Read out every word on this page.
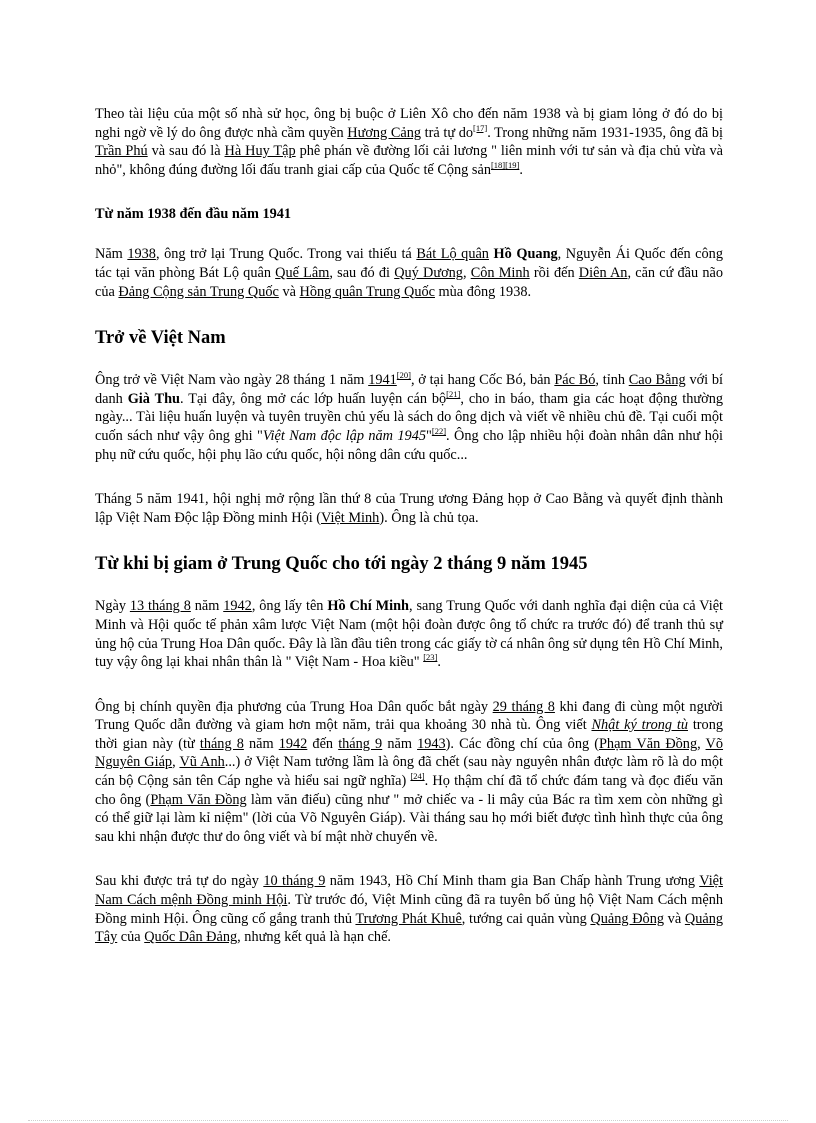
Theo tài liệu của một số nhà sử học, ông bị buộc ở Liên Xô cho đến năm 1938 và bị giam lỏng ở đó do bị nghi ngờ về lý do ông được nhà cầm quyền Hương Cảng trả tự do[17]. Trong những năm 1931-1935, ông đã bị Trần Phú và sau đó là Hà Huy Tập phê phán về đường lối cải lương " liên minh với tư sản và địa chủ vừa và nhỏ", không đúng đường lối đấu tranh giai cấp của Quốc tế Cộng sản[18][19].

Từ năm 1938 đến đầu năm 1941

Năm 1938, ông trở lại Trung Quốc. Trong vai thiếu tá Bát Lộ quân Hồ Quang, Nguyễn Ái Quốc đến công tác tại văn phòng Bát Lộ quân Quế Lâm, sau đó đi Quý Dương, Côn Minh rồi đến Diên An, căn cứ đầu não của Đảng Cộng sản Trung Quốc và Hồng quân Trung Quốc mùa đông 1938.

Trở về Việt Nam

Ông trở về Việt Nam vào ngày 28 tháng 1 năm 1941[20], ở tại hang Cốc Bó, bản Pác Bó, tỉnh Cao Bằng với bí danh Già Thu. Tại đây, ông mở các lớp huấn luyện cán bộ[21], cho in báo, tham gia các hoạt động thường ngày... Tài liệu huấn luyện và tuyên truyền chủ yếu là sách do ông dịch và viết về nhiều chủ đề. Tại cuối một cuốn sách như vậy ông ghi "Việt Nam độc lập năm 1945"[22]. Ông cho lập nhiều hội đoàn nhân dân như hội phụ nữ cứu quốc, hội phụ lão cứu quốc, hội nông dân cứu quốc...

Tháng 5 năm 1941, hội nghị mở rộng lần thứ 8 của Trung ương Đảng họp ở Cao Bằng và quyết định thành lập Việt Nam Độc lập Đồng minh Hội (Việt Minh). Ông là chủ tọa.

Từ khi bị giam ở Trung Quốc cho tới ngày 2 tháng 9 năm 1945

Ngày 13 tháng 8 năm 1942, ông lấy tên Hồ Chí Minh, sang Trung Quốc với danh nghĩa đại diện của cả Việt Minh và Hội quốc tế phản xâm lược Việt Nam (một hội đoàn được ông tổ chức ra trước đó) để tranh thủ sự ủng hộ của Trung Hoa Dân quốc. Đây là lần đầu tiên trong các giấy tờ cá nhân ông sử dụng tên Hồ Chí Minh, tuy vậy ông lại khai nhân thân là " Việt Nam - Hoa kiều" [23].

Ông bị chính quyền địa phương của Trung Hoa Dân quốc bắt ngày 29 tháng 8 khi đang đi cùng một người Trung Quốc dẫn đường và giam hơn một năm, trải qua khoảng 30 nhà tù. Ông viết Nhật ký trong tù trong thời gian này (từ tháng 8 năm 1942 đến tháng 9 năm 1943). Các đồng chí của ông (Phạm Văn Đồng, Võ Nguyên Giáp, Vũ Anh...) ở Việt Nam tưởng lầm là ông đã chết (sau này nguyên nhân được làm rõ là do một cán bộ Cộng sản tên Cáp nghe và hiểu sai ngữ nghĩa) [24]. Họ thậm chí đã tổ chức đám tang và đọc điếu văn cho ông (Phạm Văn Đồng làm văn điếu) cũng như " mở chiếc va - li mây của Bác ra tìm xem còn những gì có thể giữ lại làm kỉ niệm" (lời của Võ Nguyên Giáp). Vài tháng sau họ mới biết được tình hình thực của ông sau khi nhận được thư do ông viết và bí mật nhờ chuyển về.

Sau khi được trả tự do ngày 10 tháng 9 năm 1943, Hồ Chí Minh tham gia Ban Chấp hành Trung ương Việt Nam Cách mệnh Đồng minh Hội. Từ trước đó, Việt Minh cũng đã ra tuyên bố ủng hộ Việt Nam Cách mệnh Đồng minh Hội. Ông cũng cố gắng tranh thủ Trương Phát Khuê, tướng cai quản vùng Quảng Đông và Quảng Tây của Quốc Dân Đảng, nhưng kết quả là hạn chế.
